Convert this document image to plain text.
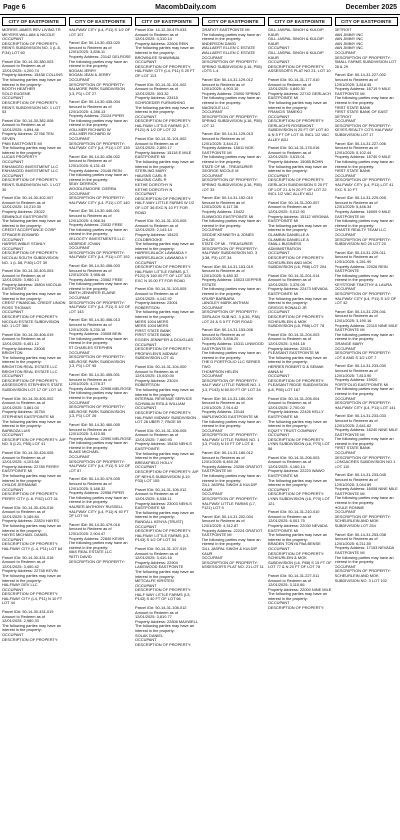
Page 6	MacombDaily.com	December 2025
CITY OF EASTPOINTE
MORRIS JAMES REV LIVING TR
MEYERS WILLIAM & NICOLE
OCCUPANT
DESCRIPTION OF PROPERTY: REIN'S SUBDIVISION NO. 1 (L.6, P.34) LOT 60
Parcel ID#: 50-14-30-380-003
Amount to Redeem as of 12/01/2025: 4,200.74
Property Address: 15438 COLLINS
The following parties may have an interest in the property:
BOOTH HEATHER
SOLO EUGENE
OCCUPANT
DESCRIPTION OF PROPERTY: REIN'S SUBDIVISION NO. 1 LOT 53
Parcel ID#: 50-14-30-382-008
Amount to Redeem as of 12/01/2025: 4,894.46
Property Address: 22766 TEN SEVEN
PNM EASTPOINTE MI
The following parties may have an interest in the property:
LUCAS PROPERTY
OCCUPANT
ENHANCED INVESTMENT LLC
ENHANCED INVESTMENT LLC
OCCUPANT
DESCRIPTION OF PROPERTY: REIN'S SUBDIVISION NO. 1 LOT 30
Parcel ID#: 50-14-30-402-007
Amount to Redeem as of 12/01/2025: 10,219.30
Property Address: 23022 SEMINOLE EASTPOINTE
The following parties may have an interest in the property:
CREDIT ACCEPTANCE CORP
STRADER EDWARD
OCCUPANT
HARRIS WIBLE STANLY
OCCUPANT
DESCRIPTION OF PROPERTY: NICOLAI SOUTH SUBDIVISION NO. 1 (L.58, P.80) LOT 39
Parcel ID#: 50-14-30-403-003
Amount to Redeem as of 12/01/2025: 3,980.13
Property Address: 15804 NICOLAI EASTPOINTE
The following parties may have an interest in the property:
CREST FINANCIAL CREDIT UNION
ROSS THOMAS
OCCUPANT
DESCRIPTION OF PROPERTY: NICOLAI ESTATE SUBDIVISION NO. 1 LOT 380
Parcel ID#: 50-14-30-406-019
Amount to Redeem as of 12/01/2025: 6,451.12
Property Address: 23008 BRIGHTON
The following parties may have an interest in the property:
BRIGHTON REAL ESTATE LLC
BRIGHTON REAL ESTATE LLC
OCCUPANT
DESCRIPTION OF PROPERTY: ASSESSOR'S STEPHEN'S STATE SUBDIVISION LOT 17 OF LOT 18
Parcel ID#: 50-14-30-405-002
Amount to Redeem as of 12/01/2025: 3,861.04
Property Address: 16754 STEPHENS EASTPOINTE MI
The following parties may have an interest in the property:
BARBOZA LUIS
OCCUPANT
DESCRIPTION OF PROPERTY: A/P NO. 5 (L21, P55) LOT 41
Parcel ID#: 50-14-30-426-005
Amount to Redeem as of 12/01/2025: 4,103.68
Property Address: 22789 PERRY EASTPOINTE MI
The following parties may have an interest in the property:
CHILDS JERMAINE
OCCUPANT
DESCRIPTION OF PROPERTY: PERRY CITY (L.8, P.52) LOT 31
Parcel ID#: 50-14-30-426-016
Amount to Redeem as of 12/01/2025: 5,189.84
Property Address: 22824 HAYES
The following parties may have an interest in the property:
HAYES MICHAEL DANIEL
OCCUPANT
DESCRIPTION OF PROPERTY: HALFWAY CITY (L.4, P11) LOT 64
Parcel ID#: 50-14-30-431-016
Amount to Redeem as of 12/01/2025: 3,450.42
Property Address: 22748 KEVIN
The following parties may have an interest in the property:
HALFWAY DEV LLC
OCCUPANT
DESCRIPTION OF PROPERTY: HALFWAY CITY (L4, P11) N 10 FT LOT 44
Parcel ID#: 50-14-30-431-019
Amount to Redeem as of 12/01/2025: 2,980.33
The following parties may have an interest in the property:
OCCUPANT
DESCRIPTION OF PROPERTY:
CITY OF EASTPOINTE
HALFWAY CITY (L4, P11) S 1/2 OF LOT 107
Parcel ID#: 50-14-30-433-020
Amount to Redeem as of 12/01/2025: 3,836.11
Property Address: 23142 DELROSE
The following parties may have an interest in the property:
BOGAN JERRY
BOGAN JEAN & JERRY
OCCUPANT
DESCRIPTION OF PROPERTY: BALMORE PARK SUBDIVISION (L3, P1) LOT 27
Parcel ID#: 50-14-30-435-004
Amount to Redeem as of 12/01/2025: 4,288.13
Property Address: 23124 PIPER
The following parties may have an interest in the property:
VOLLMER RICHARD W
VOLLMER RICHARD W
OCCUPANT
DESCRIPTION OF PROPERTY: HALFWAY CITY (L4, P11) LOT 139
Parcel ID#: 50-14-30-436-002
Amount to Redeem as of 12/01/2025: 6,131.43
Property Address: 23146 REIN
The following parties may have an interest in the property:
SEAY DERRICK
WOODLEMOORE CIERRA
OCCUPANT
DESCRIPTION OF PROPERTY: HALFWAY CITY (L4, P11) LOT 140
Parcel ID#: 50-14-30-440-001
Amount to Redeem as of 12/01/2025: 4,966.34
Property Address: 23032 FREE
The following parties may have an interest in the property:
VELOCITY INVESTMENTS LLC
MCBRIDE JOVAN
OCCUPANT
DESCRIPTION OF PROPERTY: HALFWAY CITY (L4, P11) LOT 192
Parcel ID#: 50-14-30-456-003
Amount to Redeem as of 12/01/2025: 3,988.46
Property Address: 23062 FREE
The following parties may have an interest in the property:
SMITH JENNIFER ELAINE
OCCUPANT
DESCRIPTION OF PROPERTY: HALFWAY CITY (L4, P11) S 1/2 OF LOT 143
Parcel ID#: 50-14-30-456-013
Amount to Redeem as of 12/01/2025: 5,230.18
Property Address: 23008 BEIN
The following parties may have an interest in the property:
ST CHARLES STEPHEN
OCCUPANT
DESCRIPTION OF PROPERTY: MELROSE PARK SUBDIVISION (L3, P1) LOT 95
Parcel ID#: 50-14-30-455-001
Amount to Redeem as of 12/01/2025: 4,278.37
Property Address: 22998 MELROSE
The following parties may have an interest in the property:
OCCUPANT
DESCRIPTION OF PROPERTY: MELROSE PARK SUBDIVISION (L3, P1) LOT 26
Parcel ID#: 50-14-30-460-005
Amount to Redeem as of 12/01/2025: 3,410.55
Property Address: 22990 MELROSE
The following parties may have an interest in the property:
BLAKE MICHAEL
OCCUPANT
DESCRIPTION OF PROPERTY: HALFWAY CITY (L4, P11) S 1/2 OF LOT 87
Parcel ID#: 50-14-30-479-005
Amount to Redeem as of 12/01/2025: 5,188.32
Property Address: 22958 PIPER
The following parties may have an interest in the property:
HAUSER ANTHONY RUSSELL
HALFWAY CITY (L4, P11) N 40 FT OF LOT 94
Parcel ID#: 50-14-30-479-016
Amount to Redeem as of 12/01/2025: 2,904.47
Property Address: 22840 KEVIN
The following parties may have an interest in the property:
MAS REAL ESTATE LLC
PATTI DAVID
DESCRIPTION OF PROPERTY:
CITY OF EASTPOINTE
Parcel ID#: 14-12-30-479-033
Amount to Redeem as of 12/01/2025: 4,310.14
Property Address: 22606 REIN
The following parties may have an interest in the property:
BROWNLEE SHAWNNAL
OCCUPANT
DESCRIPTION OF PROPERTY: HALFWAY CITY (L4, P11) S 20 FT OF LOT 113
Parcel ID#: 50-14-31-101-002
Amount to Redeem as of 12/01/2025: 303.32
Property Address: 23415 SCHROEDER FURNISHING
The following parties may have an interest in the property:
OCCUPANT
DESCRIPTION OF PROPERTY: HALFWAY LITTLE FARMS (L7, P121) N 1/2 OF LOT 22
Parcel ID#: 50-14-31-101-002
Amount to Redeem as of 12/01/2025: 2,800.17
Property Address: 15118 E MILE EASTPOINTE MI
The following parties may have an interest in the property:
STERLING MARY
HAUSNS CARL R
HAUSNS CARL R
KETHE DOROTHY N
KETHE DOROTHY N
OCCUPANT
DESCRIPTION OF PROPERTY: HALF-WAY LITTLE FARMS W 1/2 OF LOT 36 EXC N 10 FT FOR ROAD
Parcel ID#: 50-14-31-103-005
Amount to Redeem as of 12/01/2025: 2,143.14
Property Address: 15423 COLDBROOKE
The following parties may have an interest in the property:
HARRIS-BLACK LAWANDA Y
HARRIS-BLACK LAWANDA Y
OCCUPANT
DESCRIPTION OF PROPERTY: HALFWAY LITTLE FARMS (L7, P121) N 160.00 FT OF LOT 324 EXC N 10.00 FT FOR ROAD
Parcel ID#: 50-14-31-103-005
Amount to Redeem as of 12/01/2025: 4,142.92
Property Address: 23001 ROBERTSON
The following parties may have an interest in the property:
MERS 1004 MERS
MERS 1004 MERS
FIRST STATE BANK
FIRST STATE BANK
EGGEN JENNIFER & DOUGLAS
OCCUPANT
DESCRIPTION OF PROPERTY: PROFAYLEN'S MIDWAY SUBDIVISION LOT 41
Parcel ID#: 50-14-31-104-000
Amount to Redeem as of 12/01/2025: 15,000.00
Property Address: 23024 ROBERTSON
The following parties may have an interest in the property:
INTERNAL REVENUE SERVICE
SCHWALM RITA & WILLIAM
OCCUPANT
DESCRIPTION OF PROPERTY: HALFWAY MIDWAY SUBDIVISION LOT 28 UBER 7, PAGE 59
Parcel ID#: 50-14-31-106-005
Amount to Redeem as of 12/01/2025: 7,660.93
Property Address: 15430 NEHLS EASTPOINTE
The following parties may have an interest in the property:
BREAKFIELD HOLLY
OCCUPANT
DESCRIPTION OF PROPERTY: A/P OF NEHLS SUBDIVISION (L19, P33) LOT 105
Parcel ID#: 50-14-31-106-012
Amount to Redeem as of 12/01/2025: 6,038.11
Property Address: 23003 NEHLS EASTPOINTE MI
The following parties may have an interest in the property:
RANDALL KENYA (TRUST)
OCCUPANT
DESCRIPTION OF PROPERTY: HALFWAY LITTLE FARMS (L3, P143) S 1/2 OF LOT 54
Parcel ID#: 50-14-31-107-019
Amount to Redeem as of 12/01/2025: 3,410.16
Property Address: 22904 LAKEWOOD EASTPOINTE
The following parties may have an interest in the property:
METCALFE KIRSTEN
OCCUPANT
DESCRIPTION OF PROPERTY: HALF WAY LITTLE FARMS (L3, P143) S 40 FT OF LOT 66
Parcel ID#: 50-14-31-108-012
Amount to Redeem as of 12/01/2025: 3,810.77
Property Address: 22806 MAXWELL
The following parties may have an interest in the property:
SOLAK DANIEL
OCCUPANT
DESCRIPTION OF PROPERTY:
CITY OF EASTPOINTE
GRATIOT EASTPOINTE MI
The following parties may have an interest in the property:
ANDERSON DAVID
WALLAERT ELLEN C ESTATE
WALLAERT ELLEN C ESTATE
OCCUPANT
DESCRIPTION OF PROPERTY: SPRING SUBDIVISION (L16, P55) LOTS 1-4
Parcel ID#: 50-14-31-129-012
Amount to Redeem as of 12/01/2025: 4,903.10
Property Address: 23000 SPRING
The following parties may have an interest in the property:
MAGNOLE LLC
OCCUPANT
DESCRIPTION OF PROPERTY: SPRING SUBDIVISION (L16, P55) LOT 12
Parcel ID#: 50-14-31-129-013
Amount to Redeem as of 12/01/2025: 3,444.21
Property Address: 15611 NOK EASTPOINTE MI
The following parties may have an interest in the property:
STATE OF MI - TREASURER
GEORGE NICOLE M
OCCUPANT
DESCRIPTION OF PROPERTY: SPRING SUBDIVISION (L16, P55) LOT 33
Parcel ID#: 50-14-31-152-010
Amount to Redeem as of 12/01/2025: 6,117.36
Property Address: 15422 ELMWOOD EASTPOINTE MI
The following parties may have an interest in the property:
OCCUPANT
GEDDIE KENNETH & JONES CHLOE
STATE OF MI - TREASURER
DESCRIPTION OF PROPERTY: HALFWAY SUBDIVISION NO. 3 (L38, P3) LOT 34
Parcel ID#: 50-14-31-153-019
Amount to Redeem as of 12/01/2025: 5,480.32
Property Address: 15023 DEPPER ESTATE
The following parties may have an interest in the property:
KRUSP BARBARA
LANGLEY MARK ANTHAN
OCCUPANT
DESCRIPTION OF PROPERTY: GERLACH SUB NO. 3 (L36, P38) LOT 24 & S 5 FT FOR ROAD
Parcel ID#: 50-14-31-153-008
Amount to Redeem as of 12/01/2025: 3,838.20
Property Address: 15311 LINWOOD EASTPOINTE MI
The following parties may have an interest in the property:
THE D PORTFOLIO LLC SERIES TWO
THOMPSON HELEN
OCCUPANT
DESCRIPTION OF PROPERTY: HALF WAY LITTLE FARMS NO. 1 (L3, P143) N 60.00 FT OF LOT 34
Parcel ID#: 50-14-31-180-009
Amount to Redeem as of 12/01/2025: 2,914.42
Property Address: 15144 MAPLEWOOD EASTPOINTE MI
The following parties may have an interest in the property:
OCCUPANT
DESCRIPTION OF PROPERTY: HALFWAY LITTLE FARMS NO. 1 (L3, P143) N 10 FT OF LOT 8
Parcel ID#: 50-14-31-180-012
Amount to Redeem as of 12/01/2025: 6,460.28
Property Address: 23206 GRATIOT EASTPOINTE MI
The following parties may have an interest in the property:
GILL JASPAL SINGH & KULDIP KAUR
OCCUPANT
DESCRIPTION OF PROPERTY: HALFWAY LITTLE FARMS (L7, P121) LOT 9
Parcel ID#: 50-14-31-202-004
Amount to Redeem as of 12/01/2025: 4,312.87
Property Address: 22224 GRATIOT EASTPOINTE MI
The following parties may have an interest in the property:
GILL JASPAL SINGH & KULDIP KAUR
OCCUPANT
DESCRIPTION OF PROPERTY: ASSESSOR'S PLAT NO. 21 LOT 11
CITY OF EASTPOINTE
GILL JASPAL SINGH & KULDIP KAUR
GILL JASPAL SINGH & KULDIP KAUR
OCCUPANT
GILL JASPAL SINGH & KULDIP KAUR
OCCUPANT
DESCRIPTION OF PROPERTY: ASSESSOR'S PLAT NO 21, LOT 10
Parcel ID#: 50-14-31-177-010
Amount to Redeem as of 12/01/2025: 4,840.30
Property Address: 22742 GERLACH EASTPOINTE MI
The following parties may have an interest in the property:
FRANCIS TAMEKO
OCCUPANT
DESCRIPTION OF PROPERTY: GERLACH'S ROSEMONT SUBDIVISION N 25 FT OF LOT 40 & N 5 FT OF LOT 41 INCL 1/2 VAC ALLEY ADJ
Parcel ID#: 50-14-31-178-016
Amount to Redeem as of 12/01/2025: 3,615.01
Property Address: 15085 BOHN
The following parties may have an interest in the property:
OCCUPANT
DESCRIPTION OF PROPERTY: GERLACH SUBDIVISION S 20 FT OF LOT 21 & N 20 FT OF LOT 22 INCL 1/2 VAC ALLEY ADJ
Parcel ID#: 50-14-31-200-007
Amount to Redeem as of 12/01/2025: 5,012.90
Property Address: 15112 VIRGINIA EASTPOINTE MI
The following parties may have an interest in the property:
GLAMBIN DANIELLE A
GLAMBIN DANIELLE A
SMALL BUSINESS ADMINISTRATION
OCCUPANT
DESCRIPTION OF PROPERTY: SCHEURLEIN AND MOK SUBDIVISION (L6, P88) LOT 204
Parcel ID#: 50-14-31-201-014
Amount to Redeem as of 12/01/2025: 3,376.09
Property Address: 22473 NEVADA EASTPOINTE MI
The following parties may have an interest in the property:
GRIGGS RONALD JR
OCCUPANT
DESCRIPTION OF PROPERTY: SCHEURLEIN & MOK SUBDIVISION (L6, P88) LOT 78
Parcel ID#: 50-14-31-204-003
Amount to Redeem as of 12/01/2025: 3,944.18
Property Address: 22513 PLEASANT EASTPOINTE MI
The following parties may have an interest in the property:
HERRES ROBERT D & SEMAK ANNA M
OCCUPANT
DESCRIPTION OF PROPERTY: PLEASANT RIDGE SUBDIVISION (L8, P55) LOT 167
Parcel ID#: 50-14-31-205-004
Amount to Redeem as of 12/01/2025: 2,700.00
Property Address: 22426 KELLY EASTPOINTE MI
The following parties may have an interest in the property:
EQUITY TRUST COMPANY
OCCUPANT
DESCRIPTION OF PROPERTY: LYNN SUBDIVISION (L6, P70) LOT 56
Parcel ID#: 50-14-31-206-003
Amount to Redeem as of 12/01/2025: 4,160.14
Property Address: 22223 WAWO EASTPOINTE MI
The following parties may have an interest in the property:
OCCUPANT
DESCRIPTION OF PROPERTY: LYNN SUBDIVISION (L6, P70) LOT 121
Parcel ID#: 50-14-31-210-010
Amount to Redeem as of 12/01/2025: 6,001.75
Property Address: 22030 NEVADA EASTPOINTE MI
The following parties may have an interest in the property:
BRADEN TONYA PAA BENSE
OCCUPANT
DESCRIPTION OF PROPERTY: SCHEURLEIN & MOK SUBDIVISION (L6, P88) S 15 FT OF LOT 77 & N 20 FT OF LOT 78
Parcel ID#: 50-14-31-227-011
Amount to Redeem as of 12/01/2025: 3,110.66
Property Address: 22000 NINE MILE
The following parties may have an interest in the property:
OCCUPANT
DESCRIPTION OF PROPERTY:
CITY OF EASTPOINTE
DETROIT
VAN JIMMY INC
VAN JIMMY INC
VAN JIMMY INC
VAN JIMMY INC
OCCUPANT
DESCRIPTION OF PROPERTY: SMALL FARMS SUBDIVISION LOT 28 & 29
Parcel ID#: 50-14-31-227-002
Amount to Redeem as of 12/01/2025: 3,818.45
Property Address: 16719 9 MILE EASTPOINTE MI
The following parties may have an interest in the property:
FIRST STATE BANK
FIRST STATE BANK OF EAST DETROIT
OCCUPANT
DESCRIPTION OF PROPERTY: KEYES REALTY CO'S HALFWAY SUBDIVISION LOT 17
Parcel ID#: 50-14-31-227-006
Amount to Redeem as of 12/01/2025: 5,102.44
Property Address: 16740 9 MILE
The following parties may have an interest in the property:
FIRST STATE BANK
OCCUPANT
DESCRIPTION OF PROPERTY: HALFWAY CITY (L4, P11) LOT 41 EXC S 10 FT
Parcel ID#: 50-14-31-229-005
Amount to Redeem as of 12/01/2025: 5,446.34
Property Address: 16009 9 MILE EASTPOINTE MI
The following parties may have an interest in the property:
CHASTE REALTY TEAM LLC
OCCUPANT
DESCRIPTION OF PROPERTY: SUBDIVISION NO 29 LOT 20
Parcel ID#: 50-14-31-229-011
Amount to Redeem as of 12/01/2025: 4,281.90
Property Address: 22026 REIN EASTPOINTE
The following parties may have an interest in the property:
KEYSTONE TIMOTHY & LAURA
OCCUPANT
DESCRIPTION OF PROPERTY: HALFWAY CITY (L4, P11) S 1/2 OF LOT 42
Parcel ID#: 50-14-31-229-041
Amount to Redeem as of 12/01/2025: 3,190.16
Property Address: 22110 NINE MILE EASTPOINTE MI
The following parties may have an interest in the property:
GRANGE MARY
OCCUPANT
DESCRIPTION OF PROPERTY: LOT 8 AND S 1/2 LOT 7
Parcel ID#: 50-14-31-233-030
Amount to Redeem as of 12/01/2025: 7,813.90
Property Address: 15920 PORTFOLIO EASTPOINTE MI
The following parties may have an interest in the property:
OCCUPANT
DESCRIPTION OF PROPERTY: HALFWAY CITY (L4, P11) LOT 141
Parcel ID#: 50-14-31-233-033
Amount to Redeem as of 12/01/2025: 2,641.62
Property Address: 16240 NINE MILE EASTPOINTE MI
The following parties may have an interest in the property:
FIRST STATE BANK
OCCUPANT
DESCRIPTION OF PROPERTY: LONGACRES SUBDIVISION NO 1 LOT 110
Parcel ID#: 50-14-31-233-045
Amount to Redeem as of 12/01/2025: 3,044.89
Property Address: 16008 NINE MILE EASTPOINTE MI
The following parties may have an interest in the property:
HOULE RONNIE
OCCUPANT
DESCRIPTION OF PROPERTY: SCHEURLEIN AND MOK SUBDIVISION LOT 254
Parcel ID#: 50-14-31-253-038
Amount to Redeem as of 12/01/2025: 6,211.50
Property Address: 17153 NEVADA EASTPOINTE MI
The following parties may have an interest in the property:
OCCUPANT
DESCRIPTION OF PROPERTY: SCHEURLEIN AND MOK SUBDIVISION NO. 3 LOT 102
